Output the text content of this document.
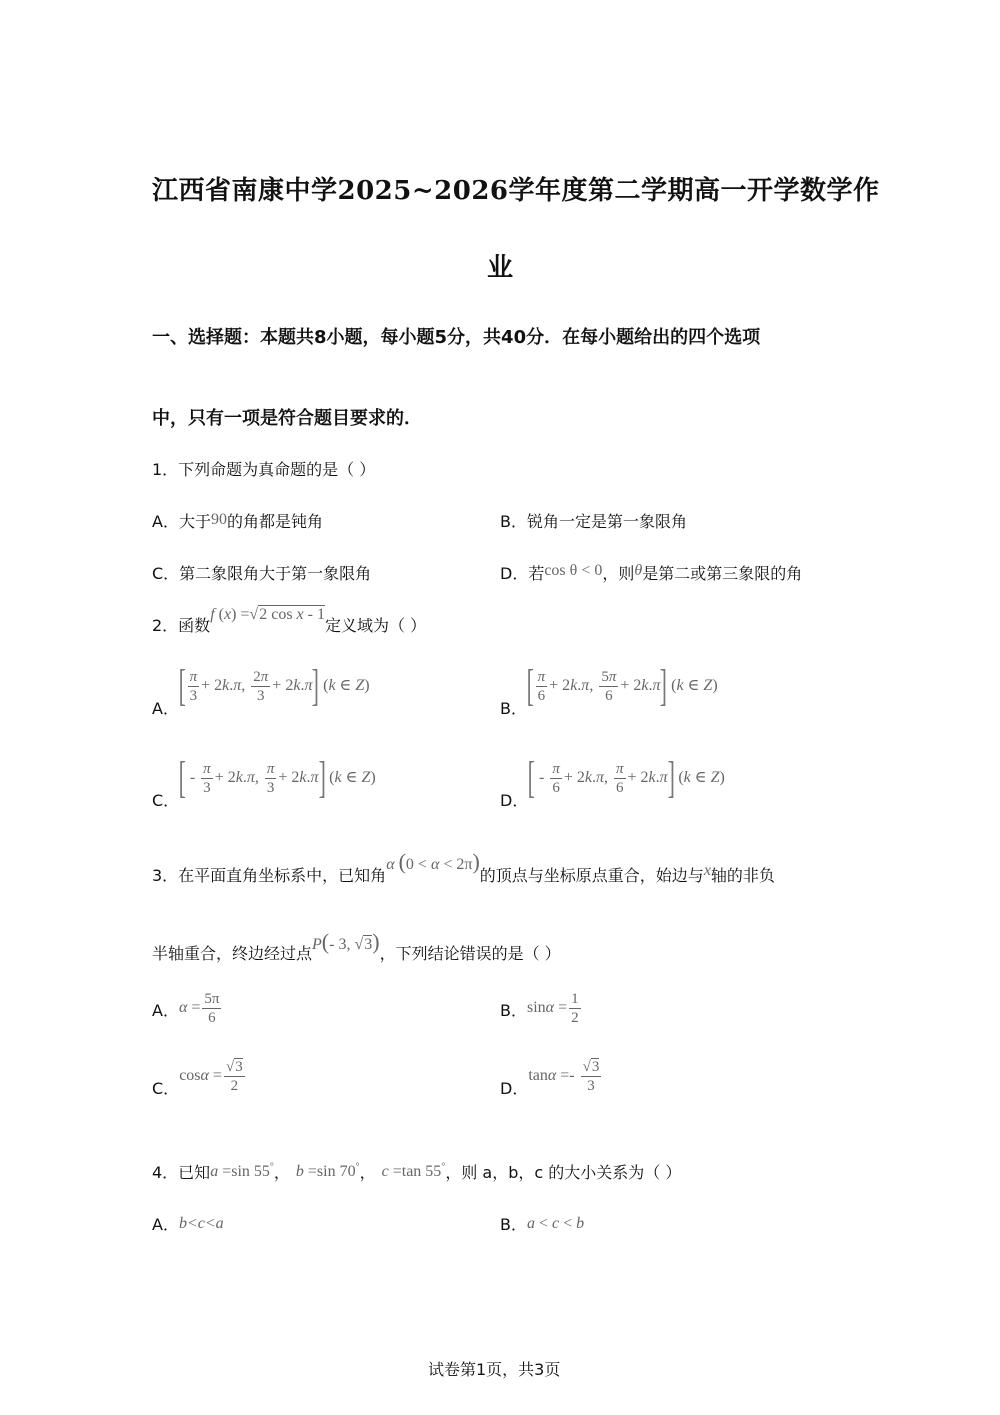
江西省南康中学2025~2026学年度第二学期高一开学数学作
业
一、选择题：本题共8小题，每小题5分，共40分．在每小题给出的四个选项
中，只有一项是符合题目要求的．
1．下列命题为真命题的是（ ）
A．大于90的角都是钝角	B．锐角一定是第一象限角
C．第二象限角大于第一象限角	D．若cos θ < 0，则θ是第二或第三象限的角
2．函数f (x) =√2 cos x - 1定义域为（ ）
A．[ $\frac{\pi}{3} + 2k.\pi$, $\frac{2\pi}{3} + 2k.\pi$] (k ∈ Z)
B．[ $\frac{\pi}{6} + 2k.\pi$, $\frac{5\pi}{6} + 2k.\pi$] (k ∈ Z)
C．[ - $\frac{\pi}{3} + 2k.\pi$, $\frac{\pi}{3} + 2k.\pi$] (k ∈ Z)
D．[ - $\frac{\pi}{6} + 2k.\pi$, $\frac{\pi}{6} + 2k.\pi$] (k ∈ Z)
3．在平面直角坐标系中，已知角α (0 < α < 2π)的顶点与坐标原点重合，始边与x轴的非负
半轴重合，终边经过点P(- 3, √3)，下列结论错误的是（ ）
A．$\alpha = \frac{5\pi}{6}$	B．$\sin\alpha = \frac{1}{2}$
C．$\cos\alpha = \frac{√3}{2}$	D．$\tan\alpha =- \frac{√3}{3}$
4．已知a =sin 55°， b =sin 70°， c =tan 55°，则 a，b，c 的大小关系为（ ）
A．b<c<a	B．a < c < b
试卷第1页，共3页
